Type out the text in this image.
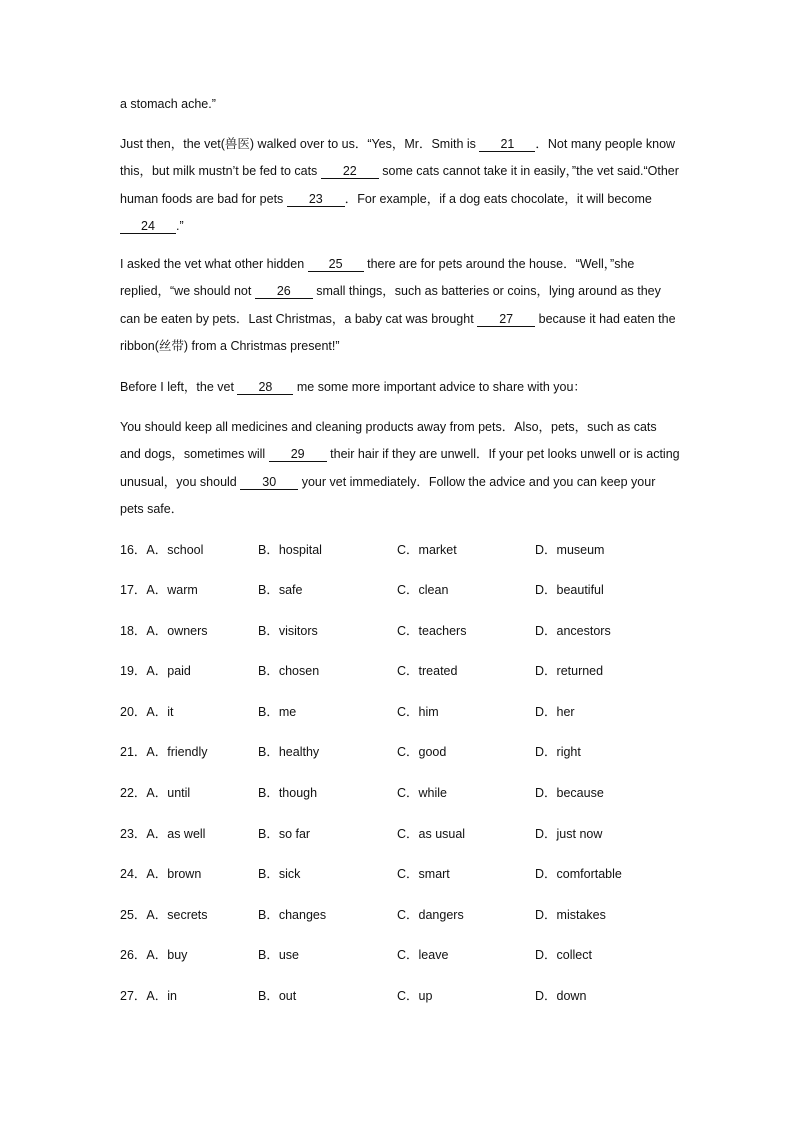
a stomach ache.”
Just then，the vet(兽医) walked over to us．“Yes，Mr．Smith is 21 ．Not many people know this，but milk mustn’t be fed to cats 22 some cats cannot take it in easily，”the vet said.“Other human foods are bad for pets 23 ．For example，if a dog eats chocolate，it will become 24 .”
I asked the vet what other hidden 25 there are for pets around the house．“Well，”she replied，“we should not 26 small things，such as batteries or coins，lying around as they can be eaten by pets．Last Christmas，a baby cat was brought 27 because it had eaten the ribbon(丝带) from a Christmas present!”
Before I left，the vet 28 me some more important advice to share with you：
You should keep all medicines and cleaning products away from pets．Also，pets，such as cats and dogs，sometimes will 29 their hair if they are unwell．If your pet looks unwell or is acting unusual，you should 30 your vet immediately．Follow the advice and you can keep your pets safe．
16．A．school	B．hospital	C．market	D．museum
17．A．warm	B．safe	C．clean	D．beautiful
18．A．owners	B．visitors	C．teachers	D．ancestors
19．A．paid	B．chosen	C．treated	D．returned
20．A．it	B．me	C．him	D．her
21．A．friendly	B．healthy	C．good	D．right
22．A．until	B．though	C．while	D．because
23．A．as well	B．so far	C．as usual	D．just now
24．A．brown	B．sick	C．smart	D．comfortable
25．A．secrets	B．changes	C．dangers	D．mistakes
26．A．buy	B．use	C．leave	D．collect
27．A．in	B．out	C．up	D．down
